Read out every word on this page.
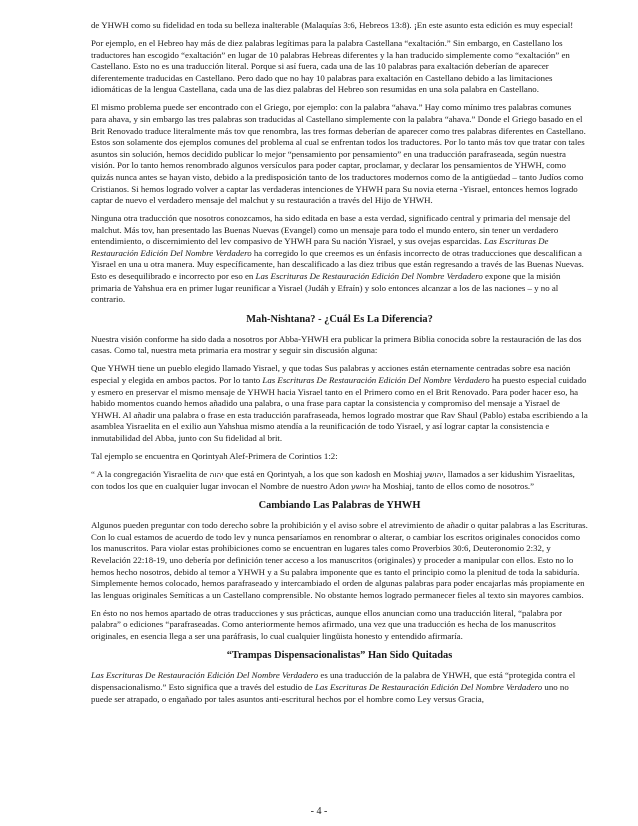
de YHWH como su fidelidad en toda su belleza inalterable (Malaquías 3:6, Hebreos 13:8). ¡En este asunto esta edición es muy especial!

Por ejemplo, en el Hebreo hay más de diez palabras legítimas para la palabra Castellana “exaltación.” Sin embargo, en Castellano los traductores han escogido “exaltación” en lugar de 10 palabras Hebreas diferentes y la han traducido simplemente como “exaltación” en Castellano. Esto no es una traducción literal. Porque si así fuera, cada una de las 10 palabras para exaltación deberían de aparecer diferentemente traducidas en Castellano. Pero dado que no hay 10 palabras para exaltación en Castellano debido a las limitaciones idiomáticas de la lengua Castellana, cada una de las diez palabras del Hebreo son resumidas en una sola palabra en Castellano.

El mismo problema puede ser encontrado con el Griego, por ejemplo: con la palabra “ahava.” Hay como mínimo tres palabras comunes para ahava, y sin embargo las tres palabras son traducidas al Castellano simplemente con la palabra “ahava.” Donde el Griego basado en el Brit Renovado traduce literalmente más tov que renombra, las tres formas deberían de aparecer como tres palabras diferentes en Castellano. Estos son solamente dos ejemplos comunes del problema al cual se enfrentan todos los traductores. Por lo tanto más tov que tratar con tales asuntos sin solución, hemos decidido publicar lo mejor “pensamiento por pensamiento” en una traducción parafraseada, según nuestra visión. Por lo tanto hemos renombrado algunos versículos para poder captar, proclamar, y declarar los pensamientos de YHWH, como quizás nunca antes se hayan visto, debido a la predisposición tanto de los traductores modernos como de la antigüedad – tanto Judíos como Cristianos. Si hemos logrado volver a captar las verdaderas intenciones de YHWH para Su novia eterna -Yisrael, entonces hemos logrado captar de nuevo el verdadero mensaje del malchut y su restauración a través del Hijo de YHWH.

Ninguna otra traducción que nosotros conozcamos, ha sido editada en base a esta verdad, significado central y primaria del mensaje del malchut. Más tov, han presentado las Buenas Nuevas (Evangel) como un mensaje para todo el mundo entero, sin tener un verdadero entendimiento, o discernimiento del lev compasivo de YHWH para Su nación Yisrael, y sus ovejas esparcidas. Las Escrituras De Restauración Edición Del Nombre Verdadero ha corregido lo que creemos es un énfasis incorrecto de otras traducciones que descalifican a Yisrael en una u otra manera. Muy específicamente, han descalificado a las diez tribus que están regresando a través de las Buenas Nuevas. Esto es desequilibrado e incorrecto por eso en Las Escrituras De Restauración Edición Del Nombre Verdadero expone que la misión primaria de Yahshua era en primer lugar reunificar a Yisrael (Judáh y Efraín) y solo entonces alcanzar a los de las naciones – y no al contrario.

Mah-Nishtana? - ¿Cuál Es La Diferencia?

Nuestra visión conforme ha sido dada a nosotros por Abba-YHWH era publicar la primera Biblia conocida sobre la restauración de las dos casas. Como tal, nuestra meta primaria era mostrar y seguir sin discusión alguna:

Que YHWH tiene un pueblo elegido llamado Yisrael, y que todas Sus palabras y acciones están eternamente centradas sobre esa nación especial y elegida en ambos pactos. Por lo tanto Las Escrituras De Restauración Edición Del Nombre Verdadero ha puesto especial cuidado y esmero en preservar el mismo mensaje de YHWH hacia Yisrael tanto en el Primero como en el Brit Renovado. Para poder hacer eso, ha habido momentos cuando hemos añadido una palabra, o una frase para captar la consistencia y compromiso del mensaje a Yisrael de YHWH. Al añadir una palabra o frase en esta traducción parafraseada, hemos logrado mostrar que Rav Shaul (Pablo) estaba escribiendo a la asamblea Yisraelita en el exilio aun Yahshua mismo atendía a la reunificación de todo Yisrael, y así lograr captar la consistencia e inmutabilidad del Abba, junto con Su fidelidad al brit.

Tal ejemplo se encuentra en Qorintyah Alef-Primera de Corintios 1:2:

“ A la congregación Yisraelita de יהוה que está en Qorintyah, a los que son kadosh en Moshiaj יהושע, llamados a ser kidushim Yisraelitas, con todos los que en cualquier lugar invocan el Nombre de nuestro Adon יהושע ha Moshiaj, tanto de ellos como de nosotros.”

Cambiando Las Palabras de YHWH

Algunos pueden preguntar con todo derecho sobre la prohibición y el aviso sobre el atrevimiento de añadir o quitar palabras a las Escrituras. Con lo cual estamos de acuerdo de todo lev y nunca pensaríamos en renombrar o alterar, o cambiar los escritos originales conocidos como los manuscritos. Para violar estas prohibiciones como se encuentran en lugares tales como Proverbios 30:6, Deuteronomio 2:32, y Revelación 22:18-19, uno debería por definición tener acceso a los manuscritos (originales) y proceder a manipular con ellos. Esto no lo hemos hecho nosotros, debido al temor a YHWH y a Su palabra imponente que es tanto el principio como la plenitud de toda la sabiduría. Simplemente hemos colocado, hemos parafraseado y intercambiado el orden de algunas palabras para poder encajarlas más propiamente en las lenguas originales Semíticas a un Castellano comprensible. No obstante hemos logrado permanecer fieles al texto sin mayores cambios.

En ésto no nos hemos apartado de otras traducciones y sus prácticas, aunque ellos anuncian como una traducción literal, “palabra por palabra” o ediciones “parafraseadas. Como anteriormente hemos afirmado, una vez que una traducción es hecha de los manuscritos originales, en esencia llega a ser una paráfrasis, lo cual cualquier lingüista honesto y entendido afirmaría.

“Trampas Dispensacionalistas” Han Sido Quitadas

Las Escrituras De Restauración Edición Del Nombre Verdadero es una traducción de la palabra de YHWH, que está “protegida contra el dispensacionalismo.” Esto significa que a través del estudio de Las Escrituras De Restauración Edición Del Nombre Verdadero uno no puede ser atrapado, o engañado por tales asuntos anti-escritural hechos por el hombre como Ley versus Gracia,

- 4 -
